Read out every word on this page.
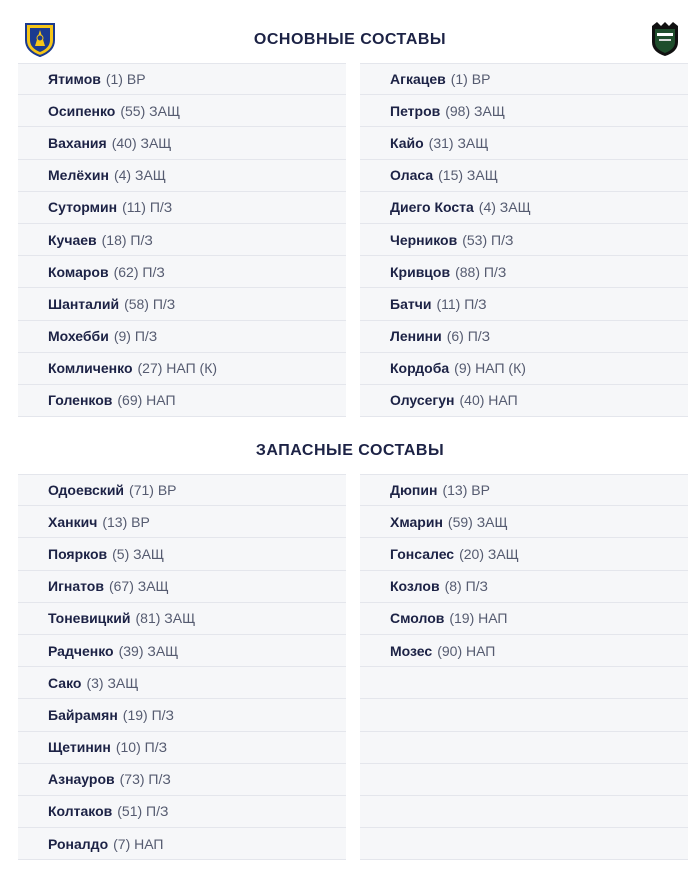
ОСНОВНЫЕ СОСТАВЫ
Ятимов (1) ВР
Осипенко (55) ЗАЩ
Вахания (40) ЗАЩ
Мелёхин (4) ЗАЩ
Сутормин (11) П/З
Кучаев (18) П/З
Комаров (62) П/З
Шанталий (58) П/З
Мохебби (9) П/З
Комличенко (27) НАП (К)
Голенков (69) НАП
Агкацев (1) ВР
Петров (98) ЗАЩ
Кайо (31) ЗАЩ
Оласа (15) ЗАЩ
Диего Коста (4) ЗАЩ
Черников (53) П/З
Кривцов (88) П/З
Батчи (11) П/З
Ленини (6) П/З
Кордоба (9) НАП (К)
Олусегун (40) НАП
ЗАПАСНЫЕ СОСТАВЫ
Одоевский (71) ВР
Ханкич (13) ВР
Поярков (5) ЗАЩ
Игнатов (67) ЗАЩ
Тоневицкий (81) ЗАЩ
Радченко (39) ЗАЩ
Сако (3) ЗАЩ
Байрамян (19) П/З
Щетинин (10) П/З
Азнауров (73) П/З
Колтаков (51) П/З
Роналдо (7) НАП
Дюпин (13) ВР
Хмарин (59) ЗАЩ
Гонсалес (20) ЗАЩ
Козлов (8) П/З
Смолов (19) НАП
Мозес (90) НАП
